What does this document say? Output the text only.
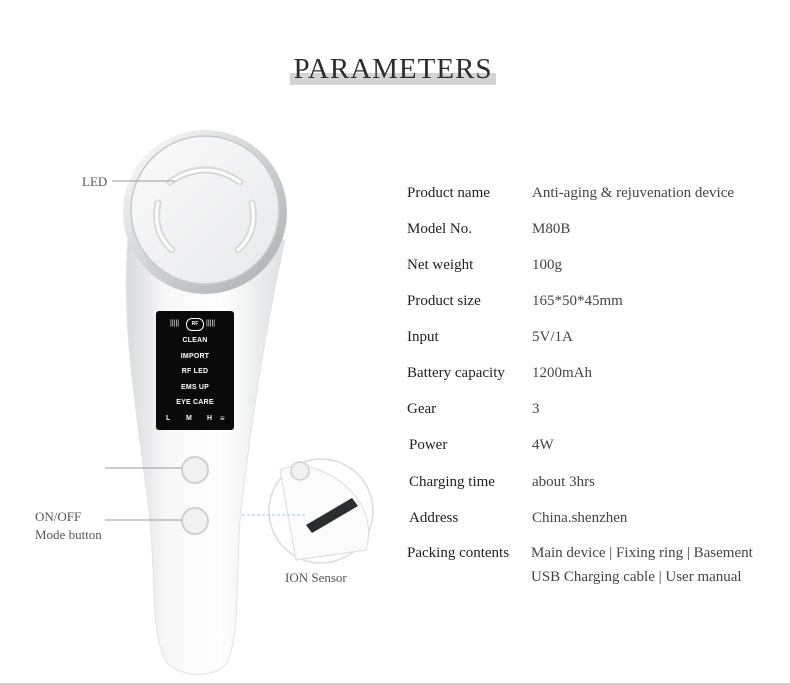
PARAMETERS
LED
ON/OFF
Mode button
ION Sensor
|||||	RF	|||||
CLEAN
IMPORT
RF LED
EMS UP
EYE CARE
L M H ≡
Product name	Anti-aging & rejuvenation device
Model No.	M80B
Net weight	100g
Product size	165*50*45mm
Input	5V/1A
Battery capacity 1200mAh
Gear	3
Power	4W
Charging time about 3hrs
Address	China.shenzhen
Packing contents Main device | Fixing ring | Basement
USB Charging cable | User manual
